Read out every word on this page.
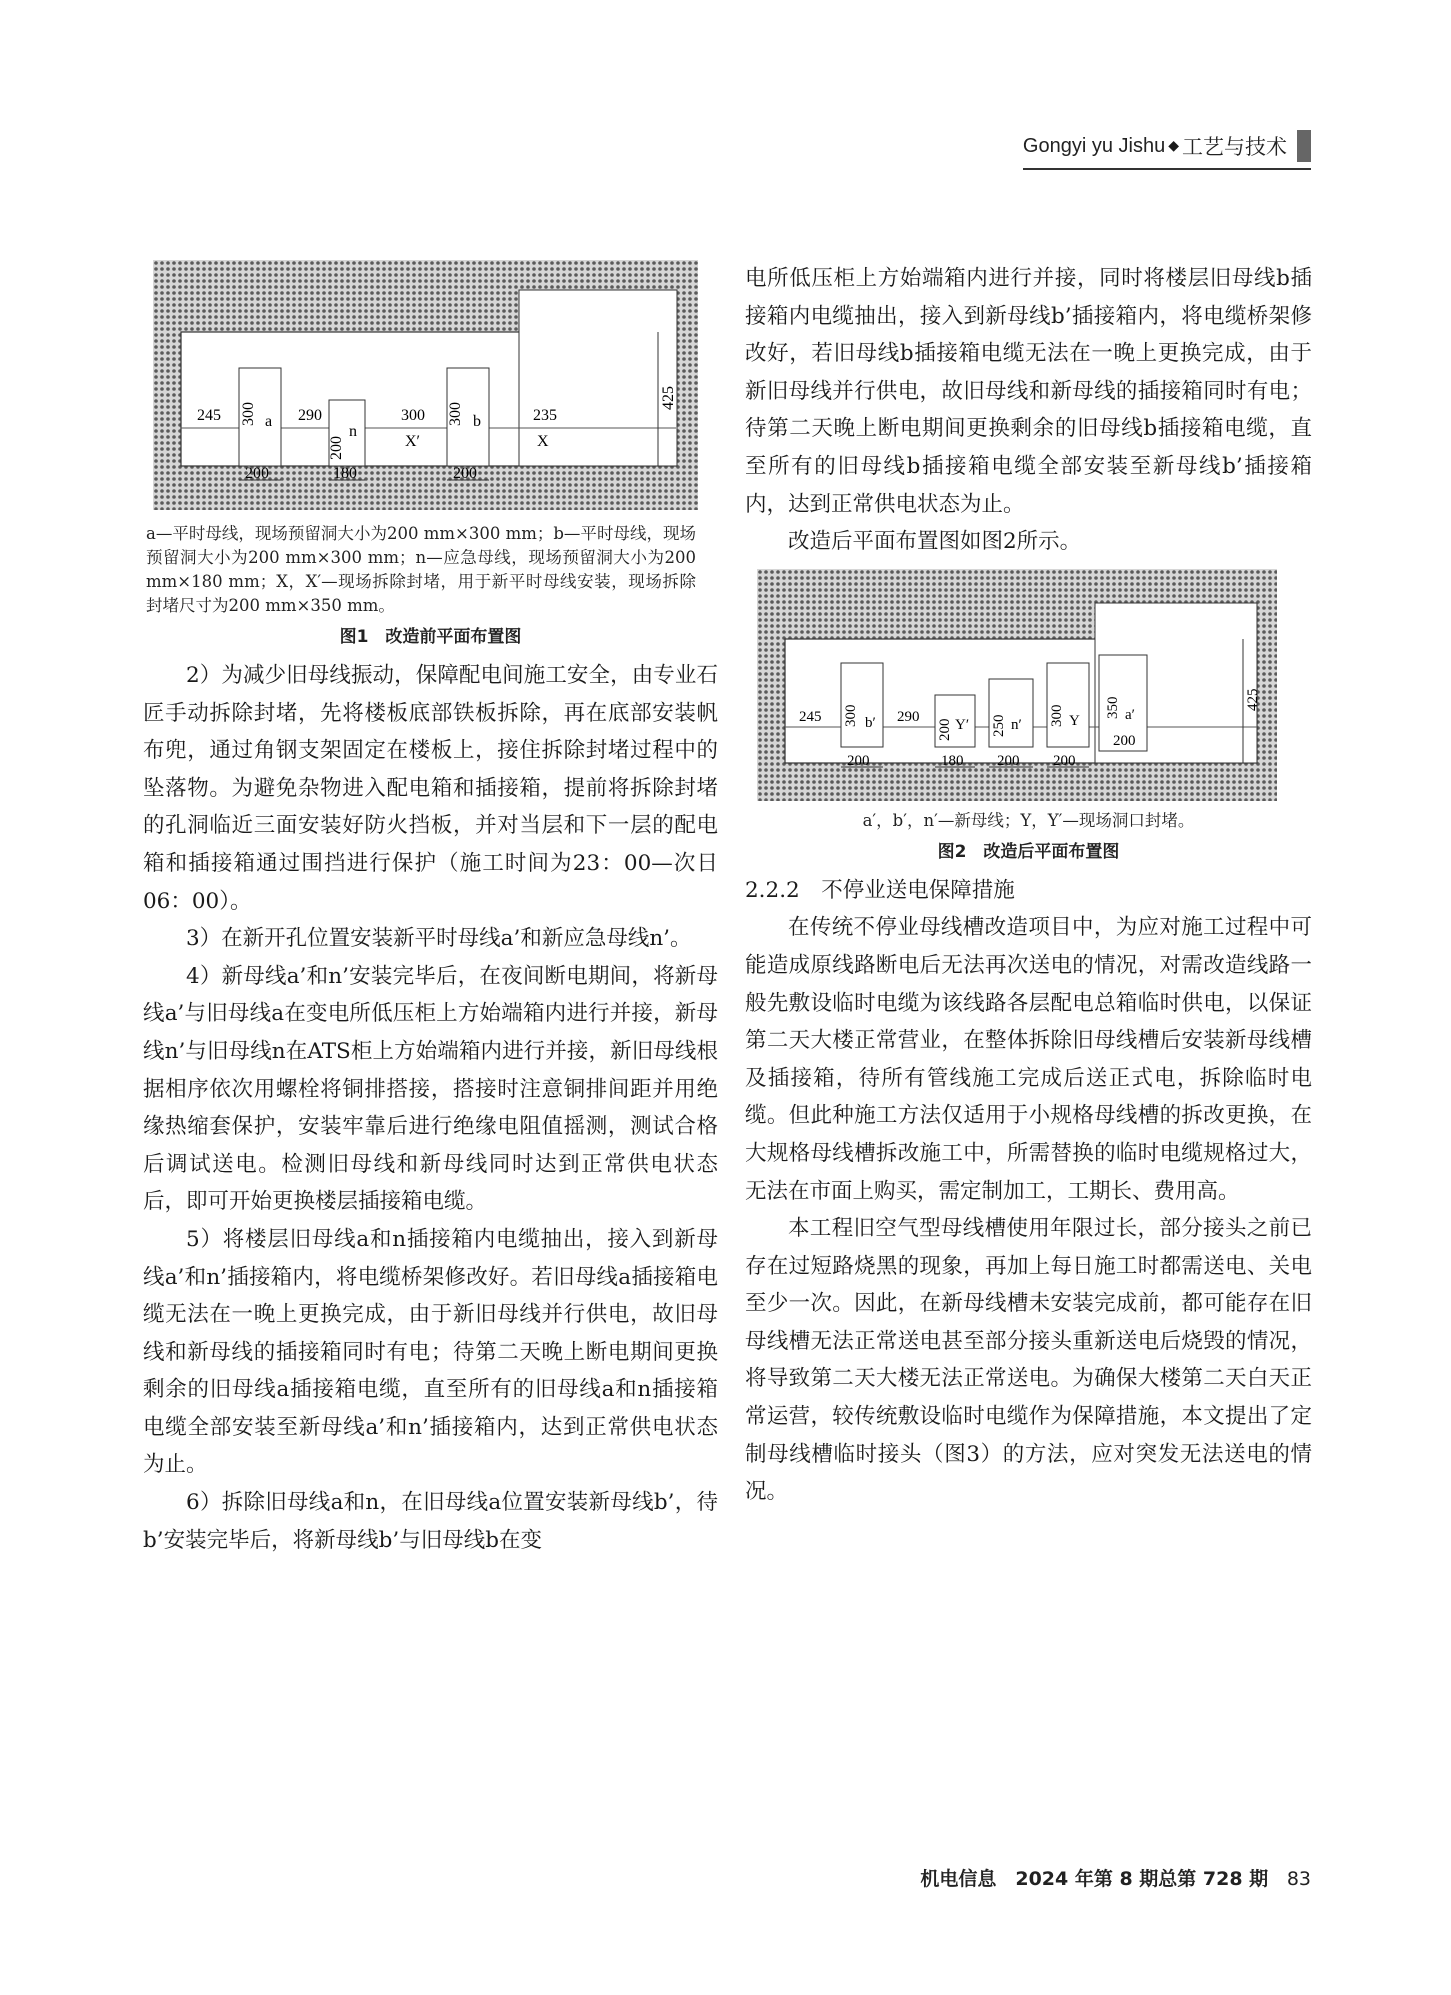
Gongyi yu Jishu ◆ 工艺与技术
245 300 a 290
200
n
300
X′
300 b	235
X
425
200	180	200

a—平时母线，现场预留洞大小为200 mm×300 mm；b—平时母线，现场预留洞大小为200 mm×300 mm；n—应急母线，现场预留洞大小为200 mm×180 mm；X，X′—现场拆除封堵，用于新平时母线安装，现场拆除封堵尺寸为200 mm×350 mm。

图1　改造前平面布置图

2）为减少旧母线振动，保障配电间施工安全，由专业石匠手动拆除封堵，先将楼板底部铁板拆除，再在底部安装帆布兜，通过角钢支架固定在楼板上，接住拆除封堵过程中的坠落物。为避免杂物进入配电箱和插接箱，提前将拆除封堵的孔洞临近三面安装好防火挡板，并对当层和下一层的配电箱和插接箱通过围挡进行保护（施工时间为23：00—次日06：00）。

3）在新开孔位置安装新平时母线a’和新应急母线n’。

4）新母线a’和n’安装完毕后，在夜间断电期间，将新母线a’与旧母线a在变电所低压柜上方始端箱内进行并接，新母线n’与旧母线n在ATS柜上方始端箱内进行并接，新旧母线根据相序依次用螺栓将铜排搭接，搭接时注意铜排间距并用绝缘热缩套保护，安装牢靠后进行绝缘电阻值摇测，测试合格后调试送电。检测旧母线和新母线同时达到正常供电状态后，即可开始更换楼层插接箱电缆。

5）将楼层旧母线a和n插接箱内电缆抽出，接入到新母线a’和n’插接箱内，将电缆桥架修改好。若旧母线a插接箱电缆无法在一晚上更换完成，由于新旧母线并行供电，故旧母线和新母线的插接箱同时有电；待第二天晚上断电期间更换剩余的旧母线a插接箱电缆，直至所有的旧母线a和n插接箱电缆全部安装至新母线a’和n’插接箱内，达到正常供电状态为止。

6）拆除旧母线a和n，在旧母线a位置安装新母线b’，待b’安装完毕后，将新母线b’与旧母线b在变

电所低压柜上方始端箱内进行并接，同时将楼层旧母线b插接箱内电缆抽出，接入到新母线b’插接箱内，将电缆桥架修改好，若旧母线b插接箱电缆无法在一晚上更换完成，由于新旧母线并行供电，故旧母线和新母线的插接箱同时有电；待第二天晚上断电期间更换剩余的旧母线b插接箱电缆，直至所有的旧母线b插接箱电缆全部安装至新母线b’插接箱内，达到正常供电状态为止。

改造后平面布置图如图2所示。

245 300 b′ 290
200 Y′ 250 n′ 300 Y
350 a′
200
425
200	180 200 200

a′，b′，n′—新母线；Y，Y′—现场洞口封堵。

图2　改造后平面布置图

2.2.2　不停业送电保障措施

在传统不停业母线槽改造项目中，为应对施工过程中可能造成原线路断电后无法再次送电的情况，对需改造线路一般先敷设临时电缆为该线路各层配电总箱临时供电，以保证第二天大楼正常营业，在整体拆除旧母线槽后安装新母线槽及插接箱，待所有管线施工完成后送正式电，拆除临时电缆。但此种施工方法仅适用于小规格母线槽的拆改更换，在大规格母线槽拆改施工中，所需替换的临时电缆规格过大，无法在市面上购买，需定制加工，工期长、费用高。

本工程旧空气型母线槽使用年限过长，部分接头之前已存在过短路烧黑的现象，再加上每日施工时都需送电、关电至少一次。因此，在新母线槽未安装完成前，都可能存在旧母线槽无法正常送电甚至部分接头重新送电后烧毁的情况，将导致第二天大楼无法正常送电。为确保大楼第二天白天正常运营，较传统敷设临时电缆作为保障措施，本文提出了定制母线槽临时接头（图3）的方法，应对突发无法送电的情况。

机电信息　2024 年第 8 期总第 728 期 83
